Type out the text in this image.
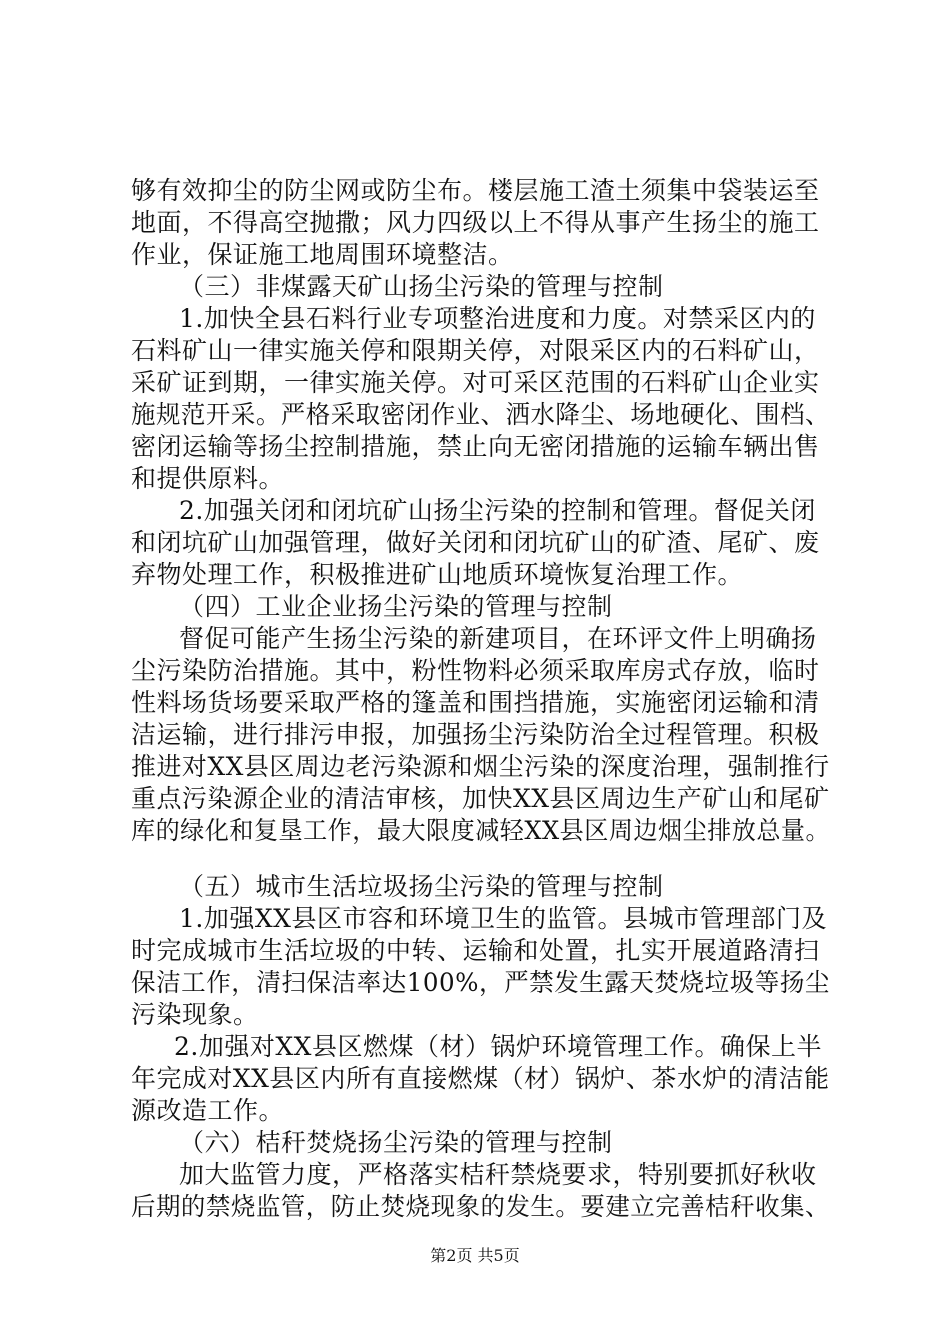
够有效抑尘的防尘网或防尘布。楼层施工渣土须集中袋装运至
地面，不得高空抛撒；风力四级以上不得从事产生扬尘的施工
作业，保证施工地周围环境整洁。
（三）非煤露天矿山扬尘污染的管理与控制
1.加快全县石料行业专项整治进度和力度。对禁采区内的
石料矿山一律实施关停和限期关停，对限采区内的石料矿山，
采矿证到期，一律实施关停。对可采区范围的石料矿山企业实
施规范开采。严格采取密闭作业、洒水降尘、场地硬化、围档、
密闭运输等扬尘控制措施，禁止向无密闭措施的运输车辆出售
和提供原料。
2.加强关闭和闭坑矿山扬尘污染的控制和管理。督促关闭
和闭坑矿山加强管理，做好关闭和闭坑矿山的矿渣、尾矿、废
弃物处理工作，积极推进矿山地质环境恢复治理工作。
（四）工业企业扬尘污染的管理与控制
督促可能产生扬尘污染的新建项目，在环评文件上明确扬
尘污染防治措施。其中，粉性物料必须采取库房式存放，临时
性料场货场要采取严格的篷盖和围挡措施，实施密闭运输和清
洁运输，进行排污申报，加强扬尘污染防治全过程管理。积极
推进对XX县区周边老污染源和烟尘污染的深度治理，强制推行
重点污染源企业的清洁审核，加快XX县区周边生产矿山和尾矿
库的绿化和复垦工作，最大限度减轻XX县区周边烟尘排放总量。
（五）城市生活垃圾扬尘污染的管理与控制
1.加强XX县区市容和环境卫生的监管。县城市管理部门及
时完成城市生活垃圾的中转、运输和处置，扎实开展道路清扫
保洁工作，清扫保洁率达100%，严禁发生露天焚烧垃圾等扬尘
污染现象。
2.加强对XX县区燃煤（材）锅炉环境管理工作。确保上半
年完成对XX县区内所有直接燃煤（材）锅炉、茶水炉的清洁能
源改造工作。
（六）桔秆焚烧扬尘污染的管理与控制
加大监管力度，严格落实桔秆禁烧要求，特别要抓好秋收
后期的禁烧监管，防止焚烧现象的发生。要建立完善桔秆收集、
第2页 共5页
